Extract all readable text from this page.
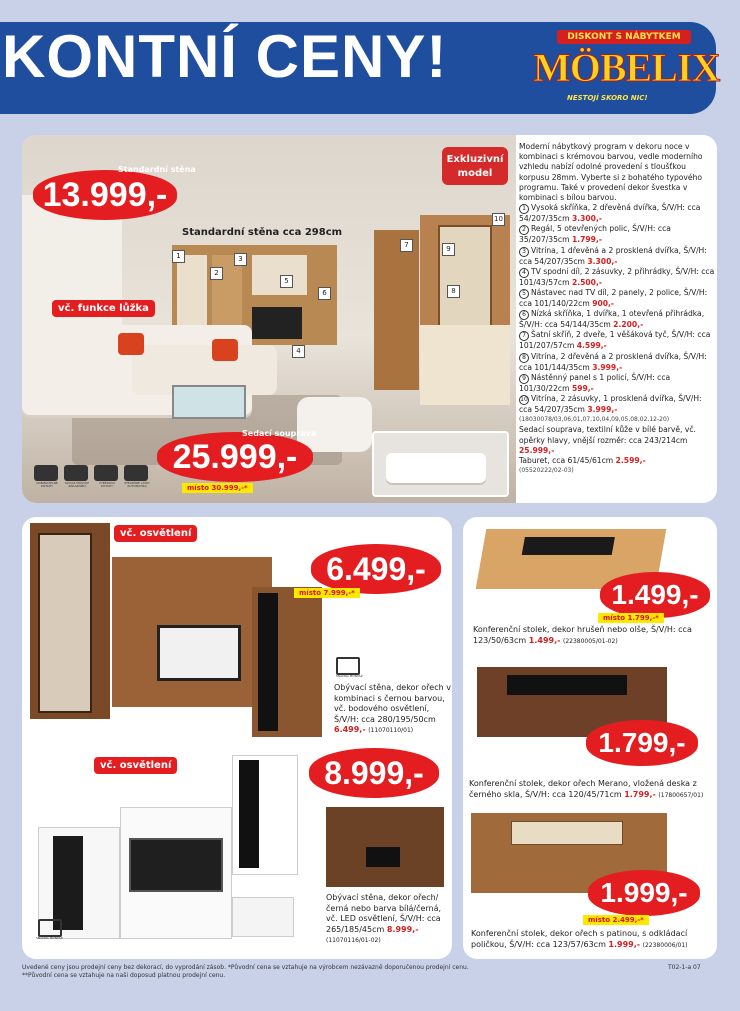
KONTNÍ CENY!	DISKONT S NÁBYTKEM
MÖBELIX
NESTOJÍ SKORO NIC!
1
2
3
4
5
6
7
8
9
10
Standardní stěna cca 298cm
Exkluzivní model
13.999,-
Standardní stěna
vč. funkce lůžka
25.999,-
Sedací souprava
místo 30.999,-*
ODNÍMATELNÉ POTAHY
DOTAZ PRÍSTUP ZÁKAZNÍKŮ
VÝBĚROVÁ POTAHY
STELEŇNÉ LÁTKY AUTOMATIKA
Moderní nábytkový program v dekoru noce v kombinaci s krémovou barvou, vedle moderního vzhledu nabízí odolné provedení s tloušťkou korpusu 28mm. Vyberte si z bohatého typového programu. Také v provedení dekor švestka v kombinaci s bílou barvou.
1 Vysoká skříňka, 2 dřevěná dvířka, Š/V/H: cca 54/207/35cm 3.300,-
2 Regál, 5 otevřených polic, Š/V/H: cca 35/207/35cm 1.799,-
3 Vitrína, 1 dřevěná a 2 prosklená dvířka, Š/V/H: cca 54/207/35cm 3.300,-
4 TV spodní díl, 2 zásuvky, 2 přihrádky, Š/V/H: cca 101/43/57cm 2.500,-
5 Nástavec nad TV díl, 2 panely, 2 police, Š/V/H: cca 101/140/22cm 900,-
6 Nízká skříňka, 1 dvířka, 1 otevřená přihrádka, Š/V/H: cca 54/144/35cm 2.200,-
7 Šatní skříň, 2 dveře, 1 věšáková tyč, Š/V/H: cca 101/207/57cm 4.599,-
8 Vitrína, 2 dřevěná a 2 prosklená dvířka, Š/V/H: cca 101/144/35cm 3.999,-
9 Nástěnný panel s 1 policí, Š/V/H: cca 101/30/22cm 599,-
10 Vitrína, 2 zásuvky, 1 prosklená dvířka, Š/V/H: cca 54/207/35cm 3.999,-
(18030078/03,06,01,07,10,04,09,05,08,02,12-20)
Sedací souprava, textilní kůže v bílé barvě, vč. opěrky hlavy, vnější rozměr: cca 243/214cm 25.999,-
Taburet, cca 61/45/61cm 2.599,-
(05520222/02-03)
vč. osvětlení
6.499,-
místo 7.999,-*
SNADNÁ MONTÁŽ
Obývací stěna, dekor ořech v kombinaci s černou barvou, vč. bodového osvětlení, Š/V/H: cca 280/195/50cm 6.499,- (11070110/01)
vč. osvětlení	8.999,-
SNADNÁ MONTÁŽ
Obývací stěna, dekor ořech/ černá nebo barva bílá/černá, vč. LED osvětlení, Š/V/H: cca 265/185/45cm 8.999,- (11070116/01-02)
1.499,-
místo 1.799,-*
Konferenční stolek, dekor hrušeň nebo olše, Š/V/H: cca 123/50/63cm 1.499,- (22380005/01-02)
1.799,-
Konferenční stolek, dekor ořech Merano, vložená deska z černého skla, Š/V/H: cca 120/45/71cm 1.799,- (17800657/01)
1.999,-
místo 2.499,-*
Konferenční stolek, dekor ořech s patinou, s odkládací poličkou, Š/V/H: cca 123/57/63cm 1.999,- (22380006/01)
Uvedené ceny jsou prodejní ceny bez dekorací, do vyprodání zásob. *Původní cena se vztahuje na výrobcem nezávazně doporučenou prodejní cenu.
**Původní cena se vztahuje na naši doposud platnou prodejní cenu.
T02-1-a 07
